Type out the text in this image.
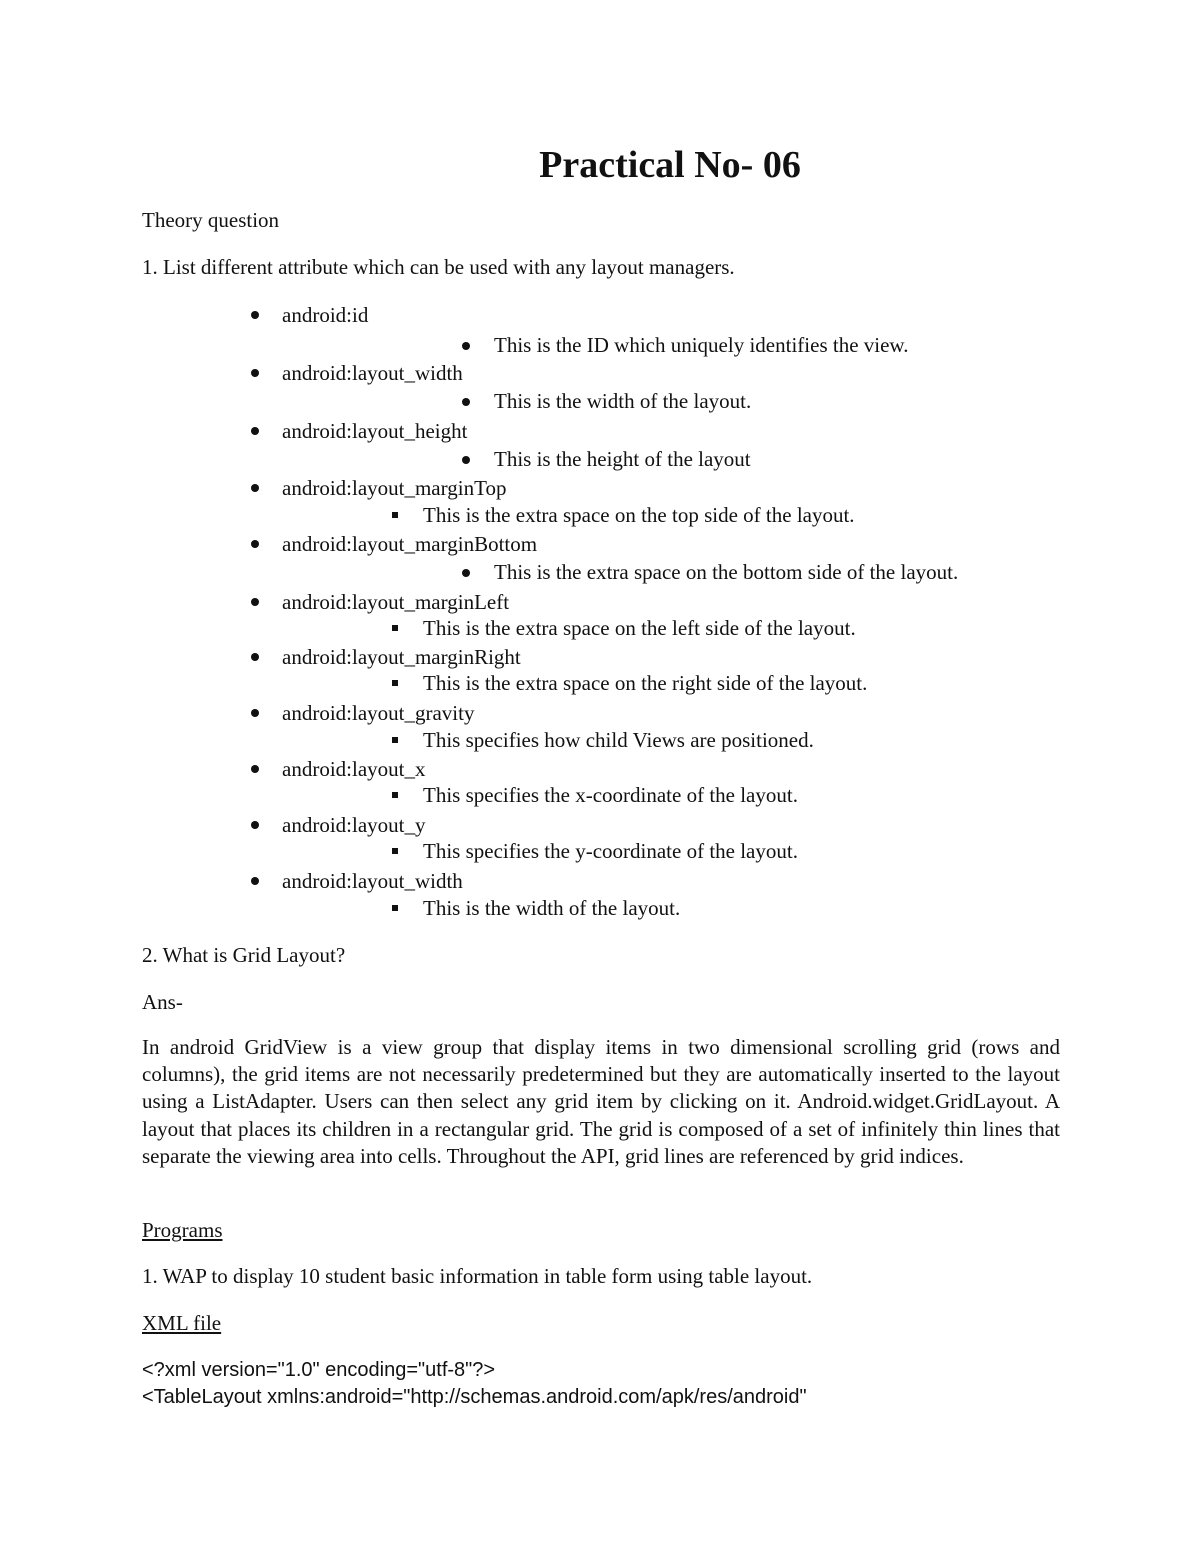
Practical No- 06
Theory question
1. List different attribute which can be used with any layout managers.
android:id
This is the ID which uniquely identifies the view.
android:layout_width
This is the width of the layout.
android:layout_height
This is the height of the layout
android:layout_marginTop
This is the extra space on the top side of the layout.
android:layout_marginBottom
This is the extra space on the bottom side of the layout.
android:layout_marginLeft
This is the extra space on the left side of the layout.
android:layout_marginRight
This is the extra space on the right side of the layout.
android:layout_gravity
This specifies how child Views are positioned.
android:layout_x
This specifies the x-coordinate of the layout.
android:layout_y
This specifies the y-coordinate of the layout.
android:layout_width
This is the width of the layout.
2. What is Grid Layout?
Ans-

In android GridView is a view group that display items in two dimensional scrolling grid (rows and columns), the grid items are not necessarily predetermined but they are automatically inserted to the layout using a ListAdapter. Users can then select any grid item by clicking on it. Android.widget.GridLayout. A layout that places its children in a rectangular grid. The grid is composed of a set of infinitely thin lines that separate the viewing area into cells. Throughout the API, grid lines are referenced by grid indices.

Programs
1. WAP to display 10 student basic information in table form using table layout.
XML file
<?xml version="1.0" encoding="utf-8"?>
<TableLayout xmlns:android="http://schemas.android.com/apk/res/android"
